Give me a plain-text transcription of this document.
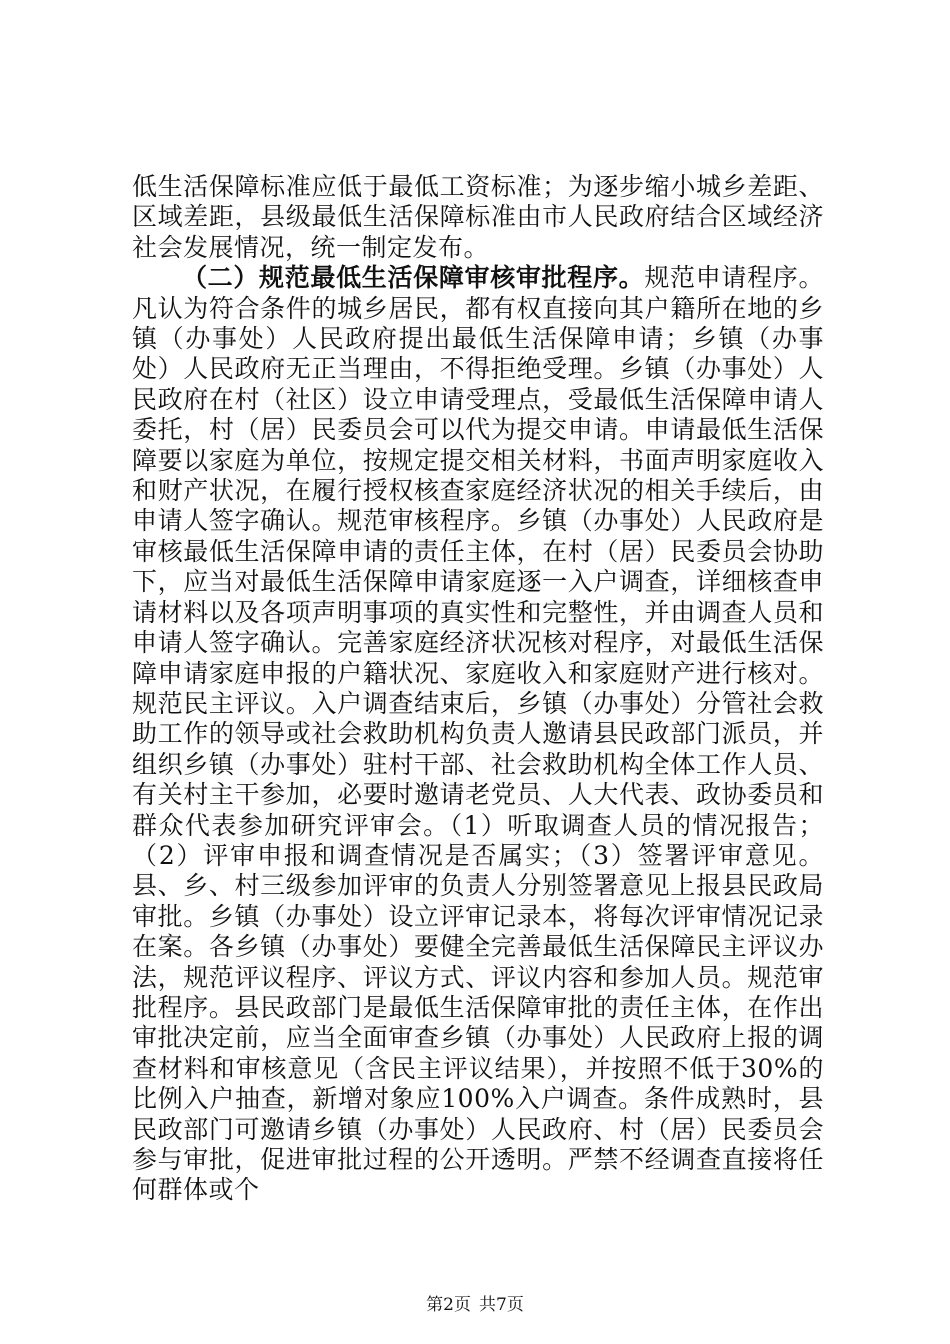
低生活保障标准应低于最低工资标准；为逐步缩小城乡差距、区域差距，县级最低生活保障标准由市人民政府结合区域经济社会发展情况，统一制定发布。

（二）规范最低生活保障审核审批程序。规范申请程序。凡认为符合条件的城乡居民，都有权直接向其户籍所在地的乡镇（办事处）人民政府提出最低生活保障申请；乡镇（办事处）人民政府无正当理由，不得拒绝受理。乡镇（办事处）人民政府在村（社区）设立申请受理点，受最低生活保障申请人委托，村（居）民委员会可以代为提交申请。申请最低生活保障要以家庭为单位，按规定提交相关材料，书面声明家庭收入和财产状况，在履行授权核查家庭经济状况的相关手续后，由申请人签字确认。规范审核程序。乡镇（办事处）人民政府是审核最低生活保障申请的责任主体，在村（居）民委员会协助下，应当对最低生活保障申请家庭逐一入户调查，详细核查申请材料以及各项声明事项的真实性和完整性，并由调查人员和申请人签字确认。完善家庭经济状况核对程序，对最低生活保障申请家庭申报的户籍状况、家庭收入和家庭财产进行核对。规范民主评议。入户调查结束后，乡镇（办事处）分管社会救助工作的领导或社会救助机构负责人邀请县民政部门派员，并组织乡镇（办事处）驻村干部、社会救助机构全体工作人员、有关村主干参加，必要时邀请老党员、人大代表、政协委员和群众代表参加研究评审会。（1）听取调查人员的情况报告；（2）评审申报和调查情况是否属实；（3）签署评审意见。县、乡、村三级参加评审的负责人分别签署意见上报县民政局审批。乡镇（办事处）设立评审记录本，将每次评审情况记录在案。各乡镇（办事处）要健全完善最低生活保障民主评议办法，规范评议程序、评议方式、评议内容和参加人员。规范审批程序。县民政部门是最低生活保障审批的责任主体，在作出审批决定前，应当全面审查乡镇（办事处）人民政府上报的调查材料和审核意见（含民主评议结果），并按照不低于30%的比例入户抽查，新增对象应100%入户调查。条件成熟时，县民政部门可邀请乡镇（办事处）人民政府、村（居）民委员会参与审批，促进审批过程的公开透明。严禁不经调查直接将任何群体或个

第2页 共7页
